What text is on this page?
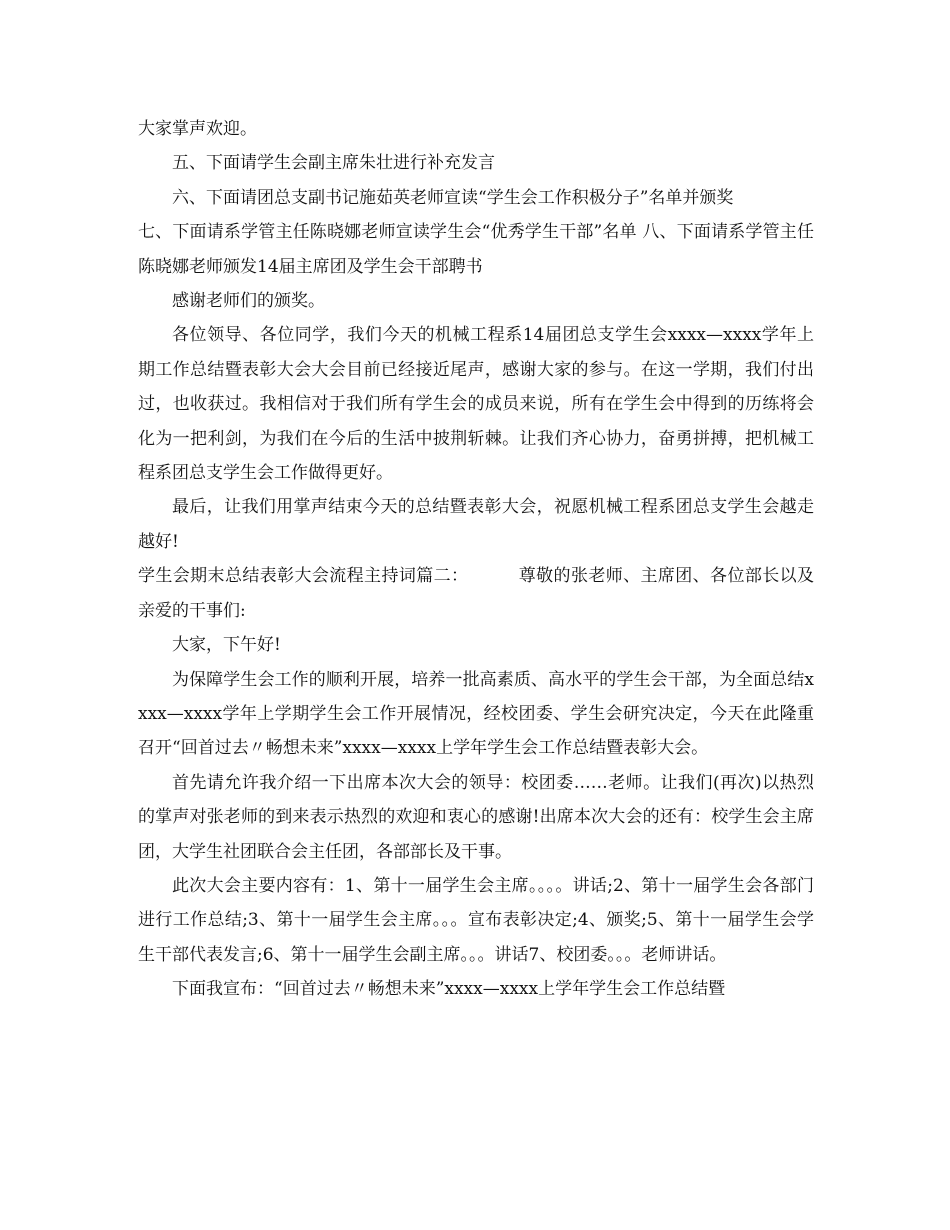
大家掌声欢迎。

五、下面请学生会副主席朱壮进行补充发言

六、下面请团总支副书记施茹英老师宣读“学生会工作积极分子”名单并颁奖

七、下面请系学管主任陈晓娜老师宣读学生会“优秀学生干部”名单 八、下面请系学管主任陈晓娜老师颁发14届主席团及学生会干部聘书

感谢老师们的颁奖。

各位领导、各位同学，我们今天的机械工程系14届团总支学生会xxxx—xxxx学年上期工作总结暨表彰大会大会目前已经接近尾声，感谢大家的参与。在这一学期，我们付出过，也收获过。我相信对于我们所有学生会的成员来说，所有在学生会中得到的历练将会化为一把利剑，为我们在今后的生活中披荆斩棘。让我们齐心协力，奋勇拼搏，把机械工程系团总支学生会工作做得更好。

最后，让我们用掌声结束今天的总结暨表彰大会，祝愿机械工程系团总支学生会越走越好!

学生会期末总结表彰大会流程主持词篇二：	尊敬的张老师、主席团、各位部长以及亲爱的干事们:

大家，下午好!

为保障学生会工作的顺利开展，培养一批高素质、高水平的学生会干部，为全面总结xxxx—xxxx学年上学期学生会工作开展情况，经校团委、学生会研究决定，今天在此隆重召开“回首过去〃畅想未来”xxxx—xxxx上学年学生会工作总结暨表彰大会。

首先请允许我介绍一下出席本次大会的领导：校团委……老师。让我们(再次)以热烈的掌声对张老师的到来表示热烈的欢迎和衷心的感谢!出席本次大会的还有：校学生会主席团，大学生社团联合会主任团，各部部长及干事。

此次大会主要内容有：1、第十一届学生会主席。。。。讲话;2、第十一届学生会各部门进行工作总结;3、第十一届学生会主席。。。宣布表彰决定;4、颁奖;5、第十一届学生会学生干部代表发言;6、第十一届学生会副主席。。。讲话7、校团委。。。老师讲话。

下面我宣布：“回首过去〃畅想未来”xxxx—xxxx上学年学生会工作总结暨
